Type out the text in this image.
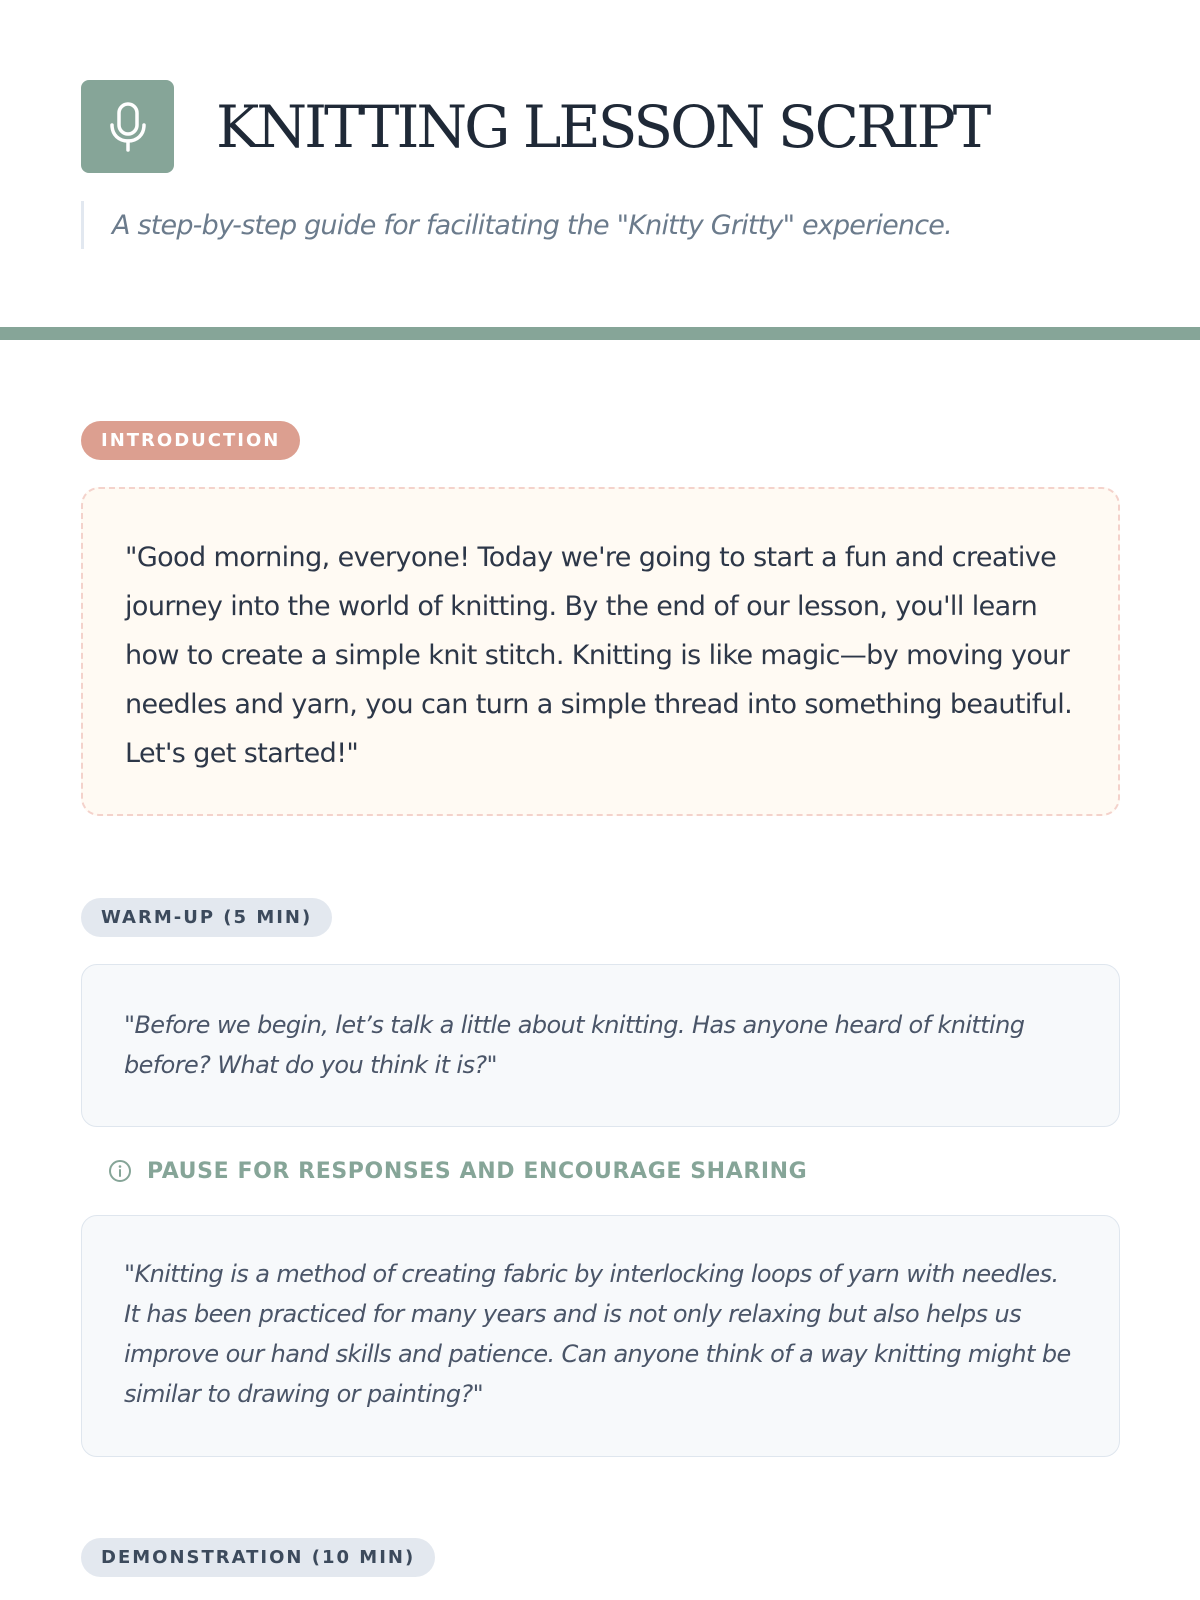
KNITTING LESSON SCRIPT
A step-by-step guide for facilitating the "Knitty Gritty" experience.
INTRODUCTION

"Good morning, everyone! Today we're going to start a fun and creative journey into the world of knitting. By the end of our lesson, you'll learn how to create a simple knit stitch. Knitting is like magic—by moving your needles and yarn, you can turn a simple thread into something beautiful. Let's get started!"

WARM-UP (5 MIN)

"Before we begin, let’s talk a little about knitting. Has anyone heard of knitting before? What do you think it is?"

PAUSE FOR RESPONSES AND ENCOURAGE SHARING

"Knitting is a method of creating fabric by interlocking loops of yarn with needles. It has been practiced for many years and is not only relaxing but also helps us improve our hand skills and patience. Can anyone think of a way knitting might be similar to drawing or painting?"

DEMONSTRATION (10 MIN)
